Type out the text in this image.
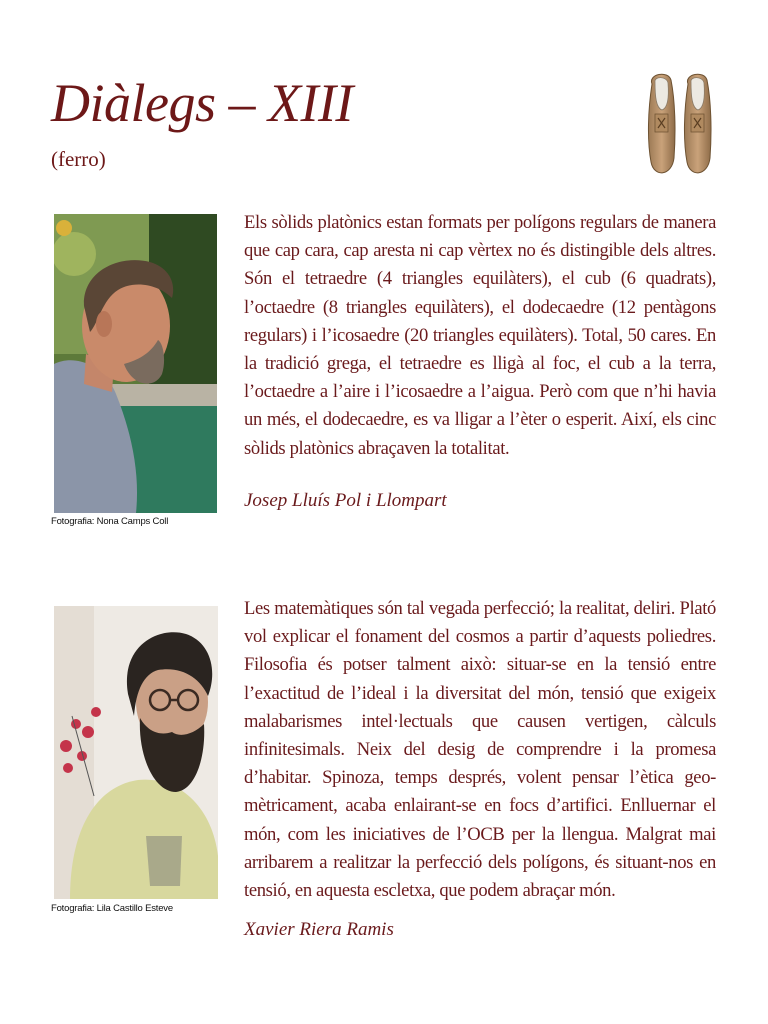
Diàlegs – XIII
(ferro)
Fotografia: Nona Camps Coll

Els sòlids platònics estan formats per polígons regulars de manera que cap cara, cap aresta ni cap vèrtex no és distingible dels altres. Són el tetraedre (4 triangles equilàters), el cub (6 quadrats), l’octaedre (8 triangles equilàters), el dodecaedre (12 pentàgons regulars) i l’icosaedre (20 triangles equilàters). Total, 50 cares. En la tradició grega, el tetraedre es lligà al foc, el cub a la terra, l’octaedre a l’aire i l’icosaedre a l’aigua. Però com que n’hi havia un més, el dodecaedre, es va lligar a l’èter o esperit. Així, els cinc sòlids platònics abraçaven la totalitat.

Josep Lluís Pol i Llompart
Fotografia: Lila Castillo Esteve

Les matemàtiques són tal vegada perfecció; la realitat, deliri. Plató vol explicar el fonament del cosmos a partir d’aquests poliedres. Filosofia és potser talment això: situar-se en la tensió entre l’exactitud de l’ideal i la diversitat del món, tensió que exigeix malabarismes intel·lectuals que causen vertigen, càlculs infinitesimals. Neix del desig de comprendre i la promesa d’habitar. Spinoza, temps després, volent pensar l’ètica geo-mètricament, acaba enlairant-se en focs d’artifici. Enlluernar el món, com les iniciatives de l’OCB per la llengua. Malgrat mai arribarem a realitzar la perfecció dels polígons, és situant-nos en tensió, en aquesta escletxa, que podem abraçar món.

Xavier Riera Ramis
